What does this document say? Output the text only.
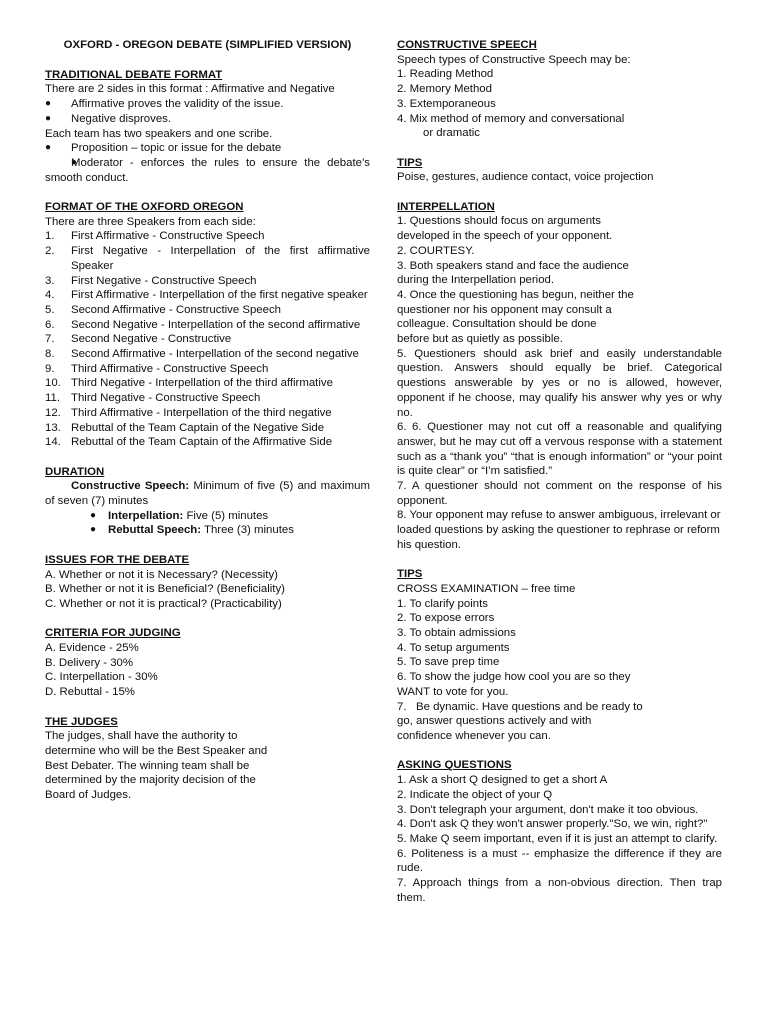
OXFORD - OREGON DEBATE (SIMPLIFIED VERSION)

TRADITIONAL DEBATE FORMAT

There are 2 sides in this format : Affirmative and Negative

● Affirmative proves the validity of the issue.
● Negative disproves.

Each team has two speakers and one scribe.

● Proposition – topic or issue for the debate
● Moderator - enforces the rules to ensure the debate’s smooth conduct.

FORMAT OF THE OXFORD OREGON

There are three Speakers from each side:

1.	First Affirmative - Constructive Speech
2.	First Negative - Interpellation of the first affirmative Speaker
3.	First Negative - Constructive Speech
4.	First Affirmative - Interpellation of the first negative speaker
5.	Second Affirmative - Constructive Speech
6.	Second Negative - Interpellation of the second affirmative
7.	Second Negative - Constructive
8.	Second Affirmative - Interpellation of the second negative
9.	Third Affirmative - Constructive Speech
10. Third Negative - Interpellation of the third affirmative
11. Third Negative - Constructive Speech
12. Third Affirmative - Interpellation of the third negative
13. Rebuttal of the Team Captain of the Negative Side
14. Rebuttal of the Team Captain of the Affirmative Side

DURATION

Constructive Speech: Minimum of five (5) and maximum of seven (7) minutes

● Interpellation: Five (5) minutes
● Rebuttal Speech: Three (3) minutes

ISSUES FOR THE DEBATE

A. Whether or not it is Necessary? (Necessity)

B. Whether or not it is Beneficial? (Beneficiality)

C. Whether or not it is practical? (Practicability)

CRITERIA FOR JUDGING

A. Evidence - 25%

B. Delivery - 30%

C. Interpellation - 30%

D. Rebuttal - 15%

THE JUDGES

The judges, shall have the authority to

determine who will be the Best Speaker and

Best Debater. The winning team shall be

determined by the majority decision of the

Board of Judges.

CONSTRUCTIVE SPEECH

Speech types of Constructive Speech may be:

1. Reading Method

2. Memory Method

3. Extemporaneous

4. Mix method of memory and conversational

or dramatic

TIPS

Poise, gestures, audience contact, voice projection

INTERPELLATION

1. Questions should focus on arguments

developed in the speech of your opponent.

2. COURTESY.

3. Both speakers stand and face the audience

during the Interpellation period.

4. Once the questioning has begun, neither the

questioner nor his opponent may consult a

colleague. Consultation should be done

before but as quietly as possible.

5. Questioners should ask brief and easily understandable question. Answers should equally be brief. Categorical questions answerable by yes or no is allowed, however, opponent if he choose, may qualify his answer why yes or why no.

6. 6. Questioner may not cut off a reasonable and qualifying answer, but he may cut off a vervous response with a statement such as a “thank you” “that is enough information” or “your point is quite clear” or “I’m satisfied.”

7. A questioner should not comment on the response of his opponent.

8. Your opponent may refuse to answer ambiguous, irrelevant or loaded questions by asking the questioner to rephrase or reform his question.

TIPS

CROSS EXAMINATION – free time

1. To clarify points

2. To expose errors

3. To obtain admissions

4. To setup arguments

5. To save prep time

6. To show the judge how cool you are so they

WANT to vote for you.

7.   Be dynamic. Have questions and be ready to

go, answer questions actively and with

confidence whenever you can.

ASKING QUESTIONS

1. Ask a short Q designed to get a short A

2. Indicate the object of your Q

3. Don't telegraph your argument, don't make it too obvious.

4. Don't ask Q they won't answer properly."So, we win, right?"

5. Make Q seem important, even if it is just an attempt to clarify.

6. Politeness is a must -- emphasize the difference if they are rude.

7. Approach things from a non-obvious direction. Then trap them.
